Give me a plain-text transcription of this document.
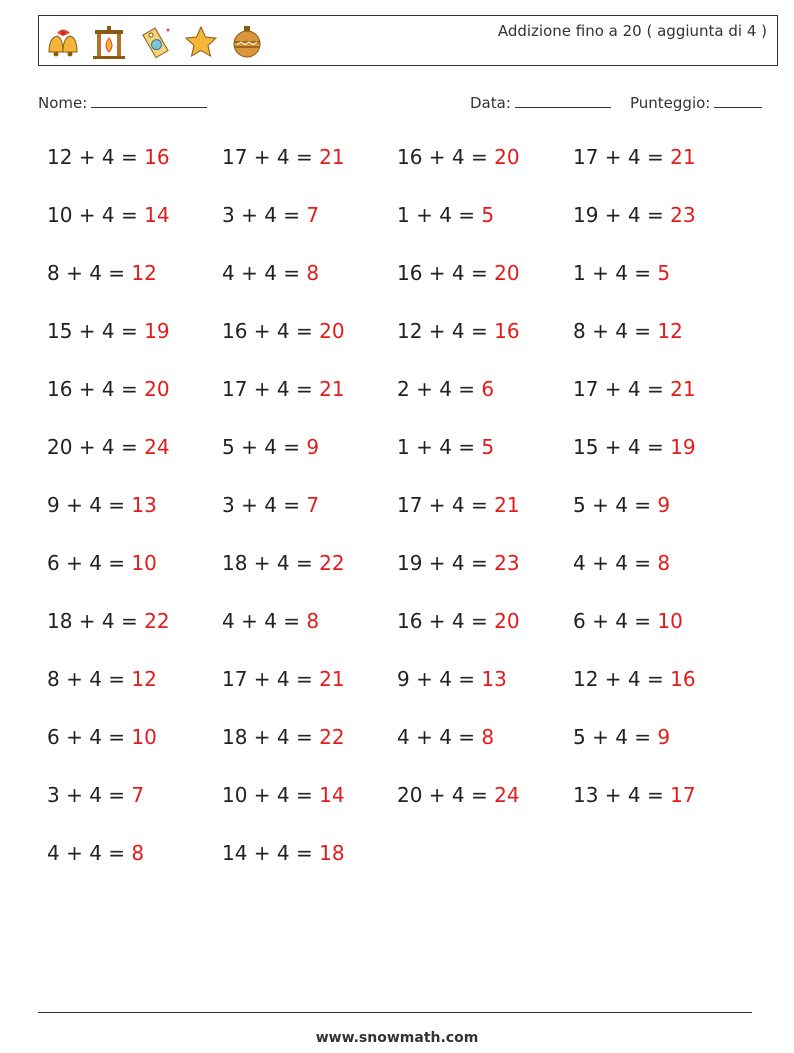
Addizione fino a 20 ( aggiunta di 4 )
Nome:	Data:	Punteggio:
12 + 4 = 16
10 + 4 = 14
8 + 4 = 12
15 + 4 = 19
16 + 4 = 20
20 + 4 = 24
9 + 4 = 13
6 + 4 = 10
18 + 4 = 22
8 + 4 = 12
6 + 4 = 10
3 + 4 = 7
4 + 4 = 8
17 + 4 = 21
3 + 4 = 7
4 + 4 = 8
16 + 4 = 20
17 + 4 = 21
5 + 4 = 9
3 + 4 = 7
18 + 4 = 22
4 + 4 = 8
17 + 4 = 21
18 + 4 = 22
10 + 4 = 14
14 + 4 = 18
16 + 4 = 20
1 + 4 = 5
16 + 4 = 20
12 + 4 = 16
2 + 4 = 6
1 + 4 = 5
17 + 4 = 21
19 + 4 = 23
16 + 4 = 20
9 + 4 = 13
4 + 4 = 8
20 + 4 = 24
17 + 4 = 21
19 + 4 = 23
1 + 4 = 5
8 + 4 = 12
17 + 4 = 21
15 + 4 = 19
5 + 4 = 9
4 + 4 = 8
6 + 4 = 10
12 + 4 = 16
5 + 4 = 9
13 + 4 = 17
www.snowmath.com
